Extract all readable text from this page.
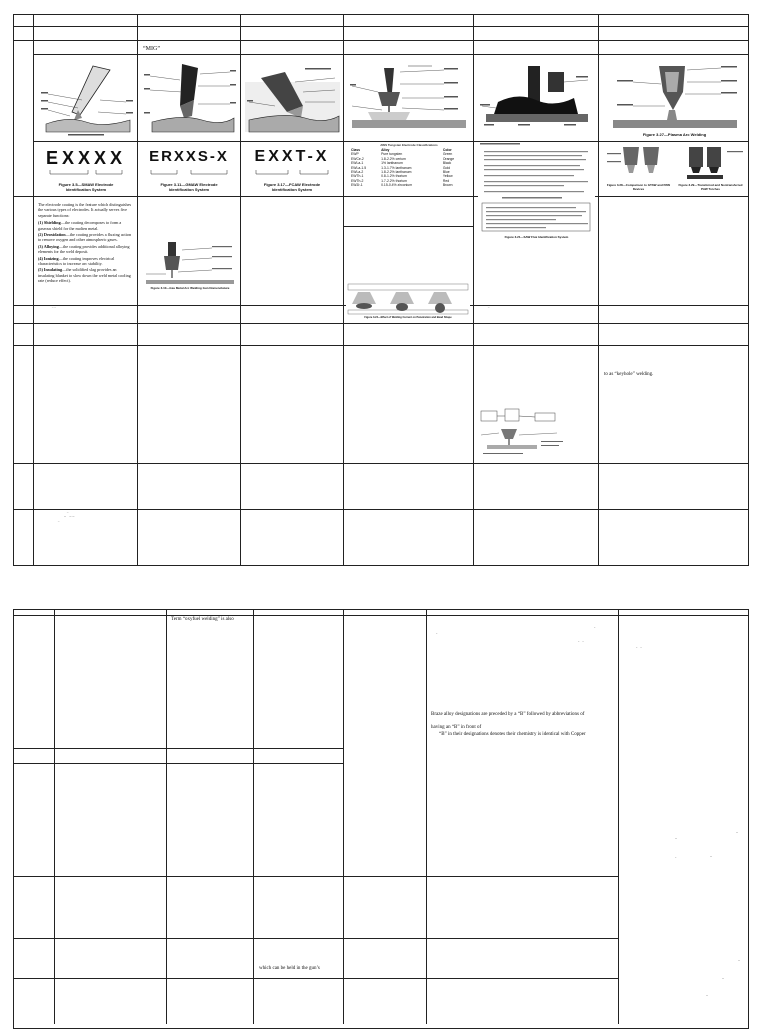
“MIG”
Figure 3.27—Plasma Arc Welding
EXXXX
Figure 3.5—SMAW Electrode Identification System
ERXXS-X
Figure 3.11—GMAW Electrode Identification System
EXXT-X
Figure 3.17—FCAW Electrode Identification System
AWS Tungsten Electrode Classifications
Class	Alloy	Color
EWP	Pure tungsten	Green
EWCe-2	1.8-2.2% cerium	Orange
EWLa-1	1% lanthanum	Black
EWLa-1.5	1.3-1.7% lanthanum	Gold
EWLa-2	1.8-2.2% lanthanum	Blue
EWTh-1	0.8-1.2% thorium	Yellow
EWTh-2	1.7-2.2% thorium	Red
EWZr-1	0.15-0.4% zirconium	Brown
Figure 3.21—SAW Flux Identification System
Figure 3.28—Comparison to GTAW and PAW Devices
Figure 3.29—Transferred and Nontransferred PAW Torches
The electrode coating is the feature which distinguishes the various types of electrodes. It actually serves five separate functions:
(1) Shielding—the coating decomposes to form a gaseous shield for the molten metal.
(2) Deoxidation—the coating provides a fluxing action to remove oxygen and other atmospheric gases.
(3) Alloying—the coating provides additional alloying elements for the weld deposit.
(4) Ionizing—the coating improves electrical characteristics to increase arc stability.
(5) Insulating—the solidified slag provides an insulating blanket to slow down the weld metal cooling rate (reduce effect).
Figure 3.10—Gas Metal Arc Welding Gun Nomenclature
Figure 3.24—Effect of Welding Current on Penetration and Bead Shape
‾ ‾	‾
_ ‾ _ _
‾
to as “keyhole” welding.
Term “oxyfuel welding” is also
Braze alloy designations are preceded by a “B” followed by abbreviations of
having an “B” in front of
“B” in their designations denotes their chemistry is identical with Copper
which can be held in the gun’s
ˉ
ˉ
ˉ   ˉ
ˉ   ˉ
_
_
_
ˉ
_
_
_
